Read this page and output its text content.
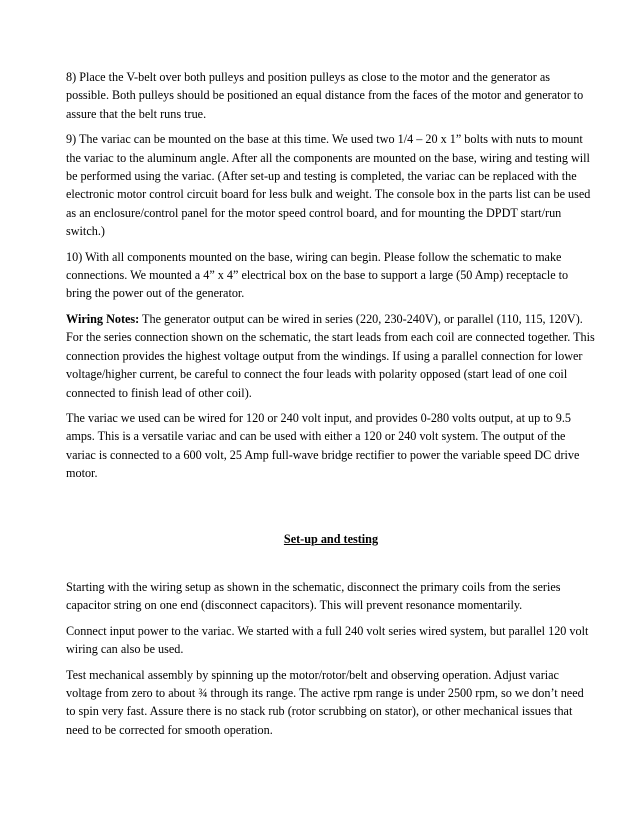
8) Place the V-belt over both pulleys and position pulleys as close to the motor and the generator as possible. Both pulleys should be positioned an equal distance from the faces of the motor and generator to assure that the belt runs true.

9) The variac can be mounted on the base at this time. We used two 1/4 – 20 x 1” bolts with nuts to mount the variac to the aluminum angle. After all the components are mounted on the base, wiring and testing will be performed using the variac. (After set-up and testing is completed, the variac can be replaced with the electronic motor control circuit board for less bulk and weight. The console box in the parts list can be used as an enclosure/control panel for the motor speed control board, and for mounting the DPDT start/run switch.)

10) With all components mounted on the base, wiring can begin. Please follow the schematic to make connections. We mounted a 4” x 4” electrical box on the base to support a large (50 Amp) receptacle to bring the power out of the generator.

Wiring Notes: The generator output can be wired in series (220, 230-240V), or parallel (110, 115, 120V). For the series connection shown on the schematic, the start leads from each coil are connected together. This connection provides the highest voltage output from the windings. If using a parallel connection for lower voltage/higher current, be careful to connect the four leads with polarity opposed (start lead of one coil connected to finish lead of other coil).

The variac we used can be wired for 120 or 240 volt input, and provides 0-280 volts output, at up to 9.5 amps. This is a versatile variac and can be used with either a 120 or 240 volt system. The output of the variac is connected to a 600 volt, 25 Amp full-wave bridge rectifier to power the variable speed DC drive motor.

Set-up and testing

Starting with the wiring setup as shown in the schematic, disconnect the primary coils from the series capacitor string on one end (disconnect capacitors). This will prevent resonance momentarily.

Connect input power to the variac. We started with a full 240 volt series wired system, but parallel 120 volt wiring can also be used.

Test mechanical assembly by spinning up the motor/rotor/belt and observing operation. Adjust variac voltage from zero to about ¾ through its range. The active rpm range is under 2500 rpm, so we don’t need to spin very fast. Assure there is no stack rub (rotor scrubbing on stator), or other mechanical issues that need to be corrected for smooth operation.
